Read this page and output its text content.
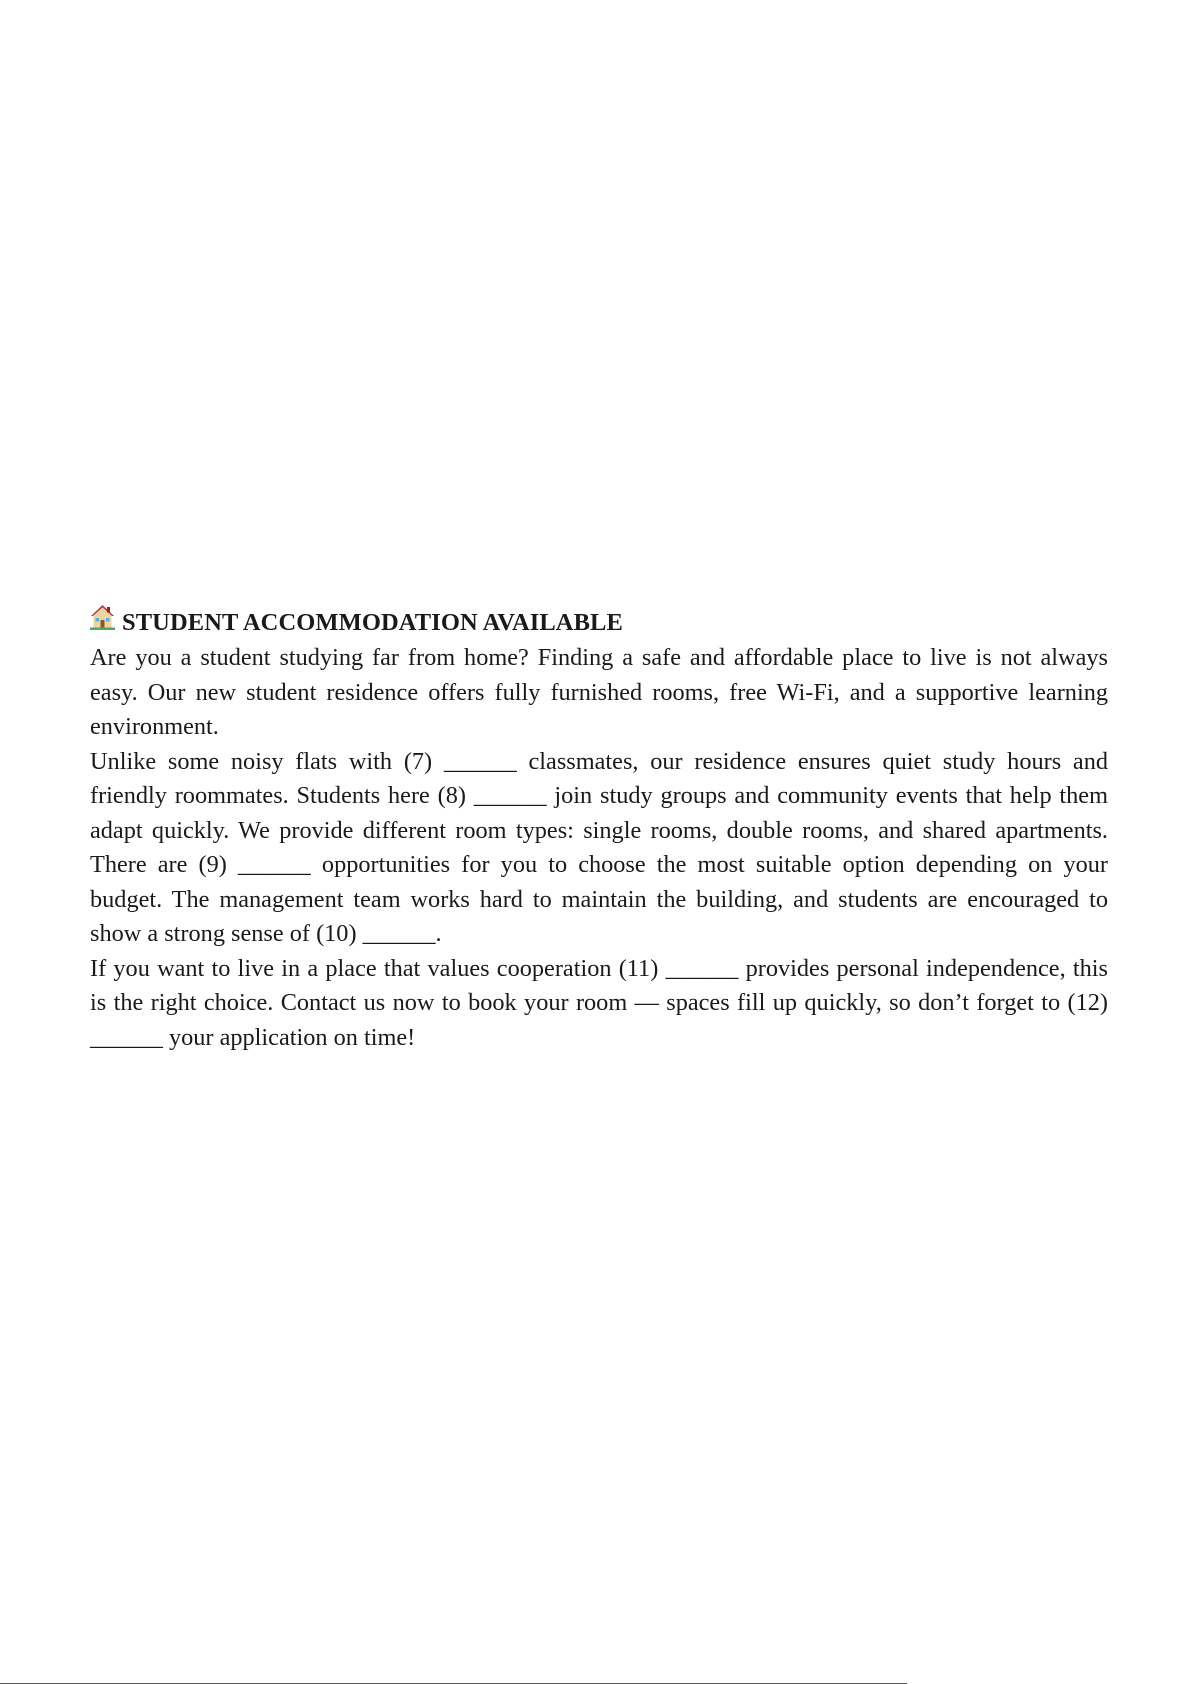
STUDENT ACCOMMODATION AVAILABLE

Are you a student studying far from home? Finding a safe and affordable place to live is not always easy. Our new student residence offers fully furnished rooms, free Wi-Fi, and a supportive learning environment.

Unlike some noisy flats with (7) ______ classmates, our residence ensures quiet study hours and friendly roommates. Students here (8) ______ join study groups and community events that help them adapt quickly. We provide different room types: single rooms, double rooms, and shared apartments. There are (9) ______ opportunities for you to choose the most suitable option depending on your budget. The management team works hard to maintain the building, and students are encouraged to show a strong sense of (10) ______.

If you want to live in a place that values cooperation (11) ______ provides personal independence, this is the right choice. Contact us now to book your room — spaces fill up quickly, so don’t forget to (12) ______ your application on time!
